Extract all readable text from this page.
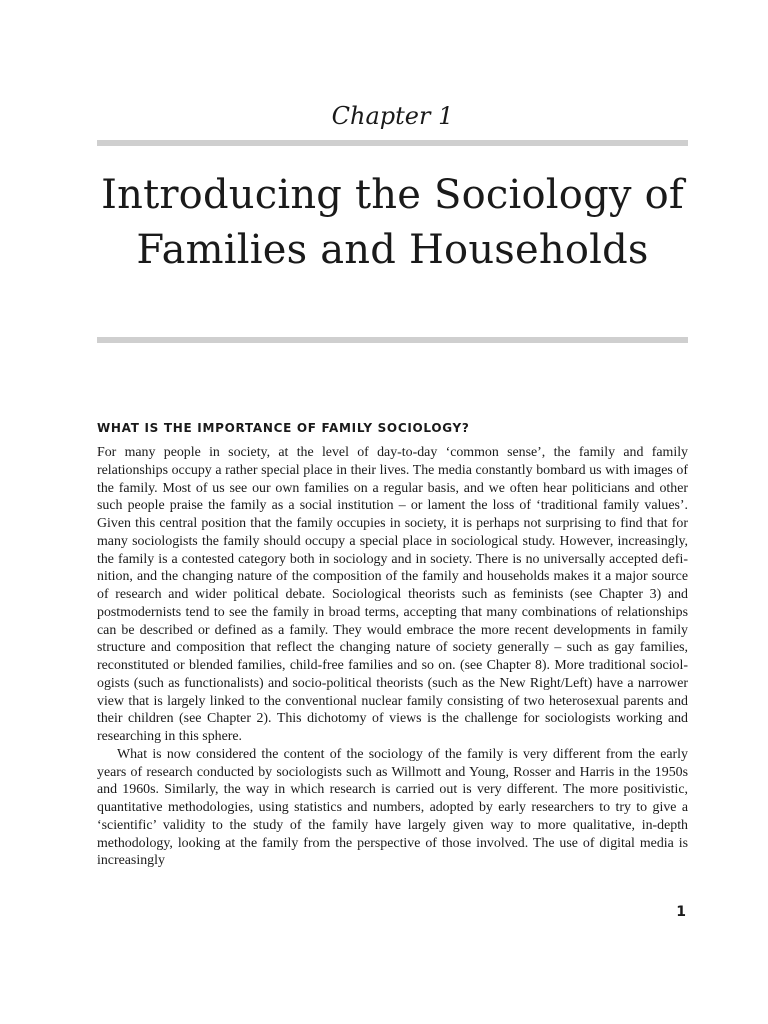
Chapter 1
Introducing the Sociology of Families and Households
WHAT IS THE IMPORTANCE OF FAMILY SOCIOLOGY?

For many people in society, at the level of day-to-day ‘common sense’, the family and family relationships occupy a rather special place in their lives. The media constantly bombard us with images of the family. Most of us see our own families on a regular basis, and we often hear politicians and other such people praise the family as a social institution – or lament the loss of ‘traditional family values’. Given this central position that the family occupies in society, it is perhaps not surprising to find that for many sociologists the family should occupy a special place in sociological study. However, increasingly, the family is a contested category both in sociology and in society. There is no universally accepted definition, and the changing nature of the composition of the family and households makes it a major source of research and wider political debate. Sociological theorists such as feminists (see Chapter 3) and postmodernists tend to see the family in broad terms, accepting that many combinations of relationships can be described or defined as a family. They would embrace the more recent developments in family structure and composition that reflect the changing nature of society generally – such as gay families, reconstituted or blended families, child-free families and so on. (see Chapter 8). More traditional sociologists (such as functionalists) and socio-political theorists (such as the New Right/Left) have a narrower view that is largely linked to the conventional nuclear family consisting of two heterosexual parents and their children (see Chapter 2). This dichotomy of views is the challenge for sociologists working and researching in this sphere.

What is now considered the content of the sociology of the family is very different from the early years of research conducted by sociologists such as Willmott and Young, Rosser and Harris in the 1950s and 1960s. Similarly, the way in which research is carried out is very different. The more positivistic, quantitative methodologies, using statistics and numbers, adopted by early researchers to try to give a ‘scientific’ validity to the study of the family have largely given way to more qualitative, in-depth methodology, looking at the family from the perspective of those involved. The use of digital media is increasingly

1
